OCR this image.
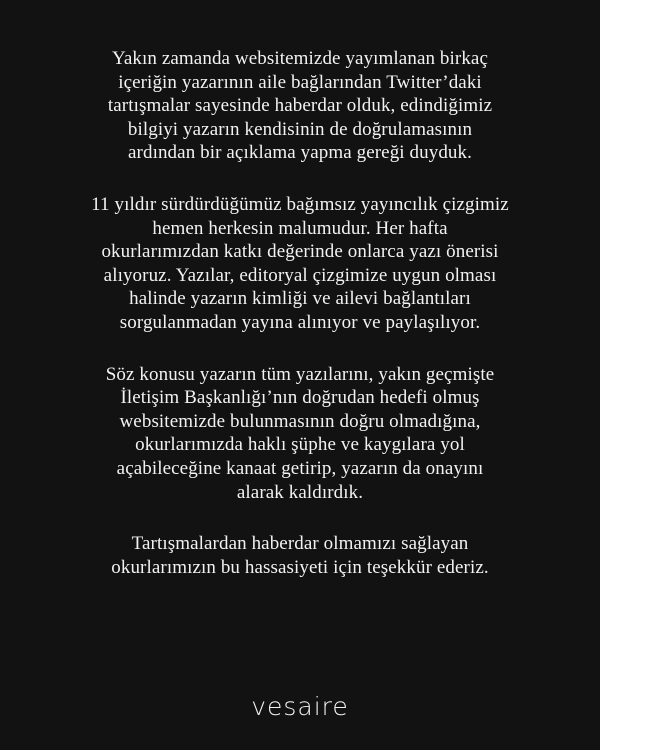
Yakın zamanda websitemizde yayımlanan birkaç
içeriğin yazarının aile bağlarından Twitter’daki
tartışmalar sayesinde haberdar olduk, edindiğimiz
bilgiyi yazarın kendisinin de doğrulamasının
ardından bir açıklama yapma gereği duyduk.

11 yıldır sürdürdüğümüz bağımsız yayıncılık çizgimiz
hemen herkesin malumudur. Her hafta
okurlarımızdan katkı değerinde onlarca yazı önerisi
alıyoruz. Yazılar, editoryal çizgimize uygun olması
halinde yazarın kimliği ve ailevi bağlantıları
sorgulanmadan yayına alınıyor ve paylaşılıyor.

Söz konusu yazarın tüm yazılarını, yakın geçmişte
İletişim Başkanlığı’nın doğrudan hedefi olmuş
websitemizde bulunmasının doğru olmadığına,
okurlarımızda haklı şüphe ve kaygılara yol
açabileceğine kanaat getirip, yazarın da onayını
alarak kaldırdık.

Tartışmalardan haberdar olmamızı sağlayan
okurlarımızın bu hassasiyeti için teşekkür ederiz.

vesaire
